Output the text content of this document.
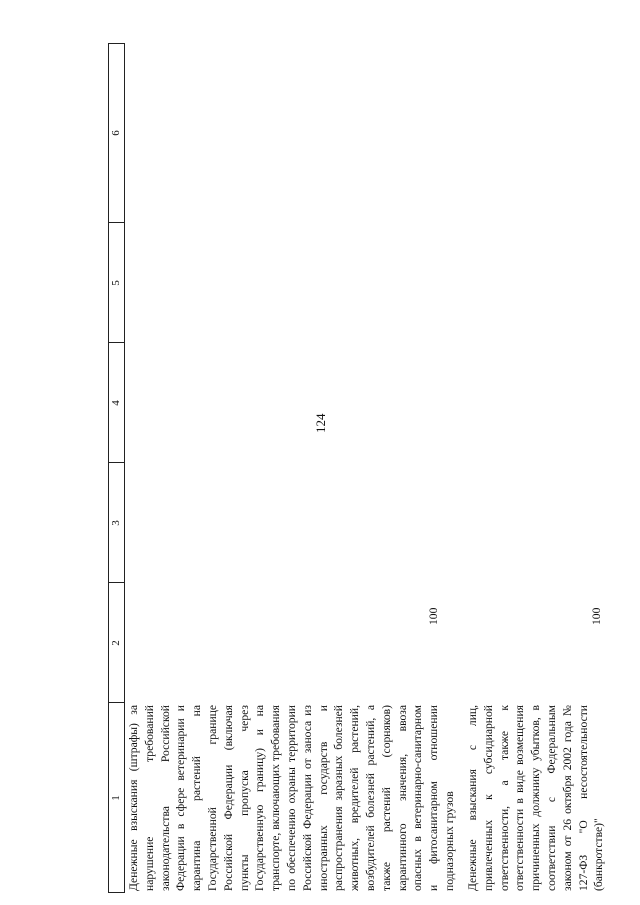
124
1
2
3
4
5
6
Денежные взыскания (штрафы) за нарушение требований законодательства Российской Федерации в сфере ветеринарии и карантина растений на Государственной границе Российской Федерации (включая пункты пропуска через Государственную границу) и на транспорте, включающих требования по обеспечению охраны территории Российской Федерации от заноса из иностранных государств и распространения заразных болезней животных, вредителей растений, возбудителей болезней растений, а также растений (сорняков) карантинного значения, ввоза опасных в ветеринарно-санитарном и фитосанитарном отношении подназорных грузов
100
Денежные взыскания с лиц, привлеченных к субсидиарной ответственности, а также к ответственности в виде возмещения причиненных должнику убытков, в соответствии с Федеральным законом от 26 октября 2002 года № 127-ФЗ "О несостоятельности (банкротстве)"
100
